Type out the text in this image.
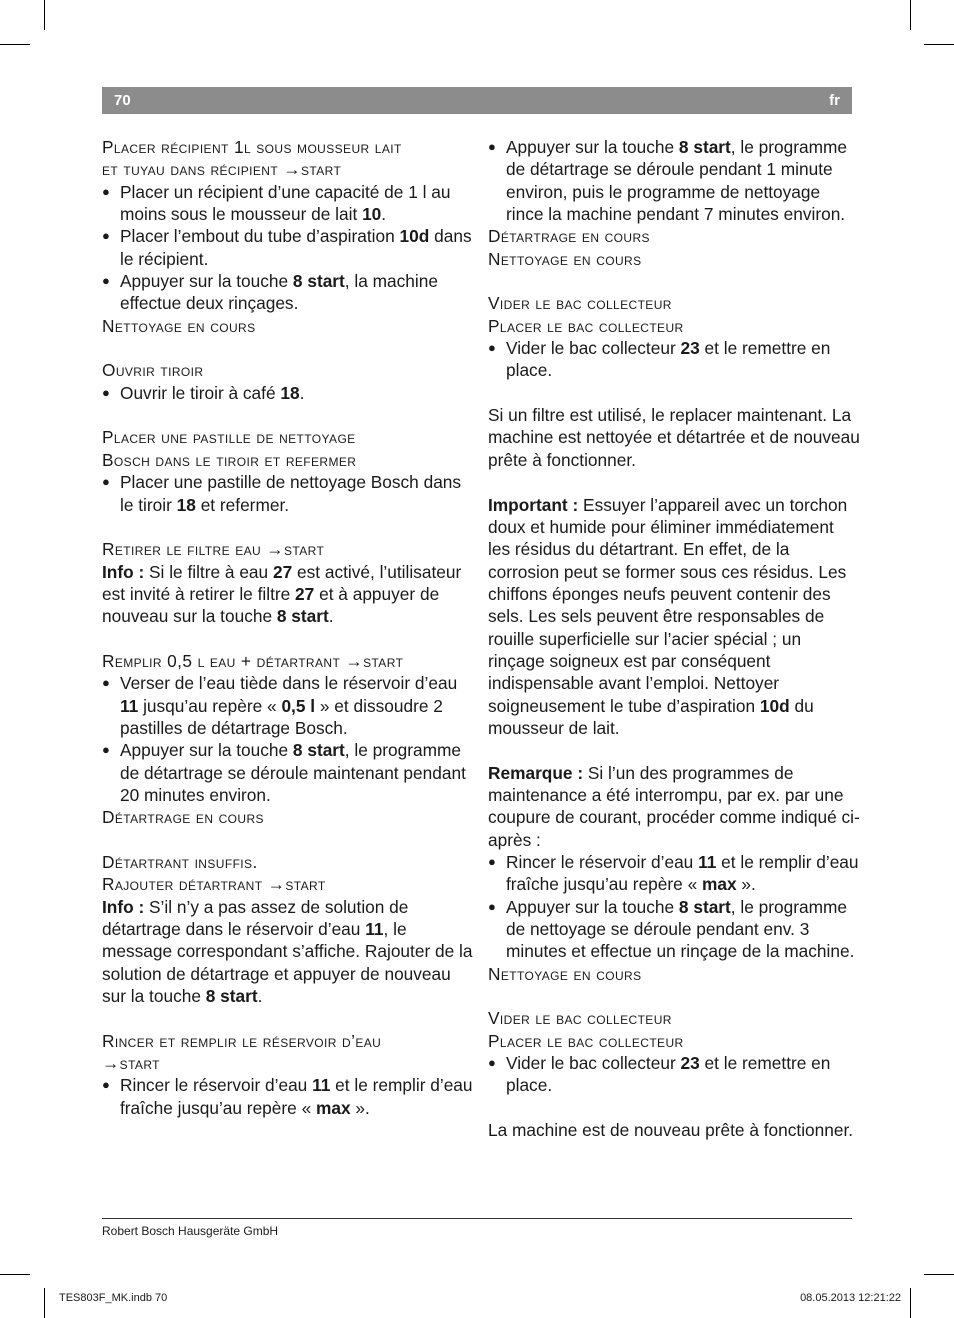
70	fr

Placer récipient 1l sous mousseur lait

et tuyau dans récipient →start

● Placer un récipient d’une capacité de 1 l au moins sous le mousseur de lait 10.

● Placer l’embout du tube d’aspiration 10d dans le récipient.

● Appuyer sur la touche 8 start, la machine effectue deux rinçages.

Nettoyage en cours

Ouvrir tiroir

● Ouvrir le tiroir à café 18.

Placer une pastille de nettoyage

Bosch dans le tiroir et refermer

● Placer une pastille de nettoyage Bosch dans le tiroir 18 et refermer.

Retirer le filtre eau →start

Info : Si le filtre à eau 27 est activé, l’utilisateur est invité à retirer le filtre 27 et à appuyer de nouveau sur la touche 8 start.

Remplir 0,5 l eau + détartrant →start

● Verser de l’eau tiède dans le réservoir d’eau 11 jusqu’au repère « 0,5 l » et dissoudre 2 pastilles de détartrage Bosch.

● Appuyer sur la touche 8 start, le programme de détartrage se déroule maintenant pendant 20 minutes environ.

Détartrage en cours

Détartrant insuffis.

Rajouter détartrant →start

Info : S’il n’y a pas assez de solution de détartrage dans le réservoir d’eau 11, le message correspondant s’affiche. Rajouter de la solution de détartrage et appuyer de nouveau sur la touche 8 start.

Rincer et remplir le réservoir d’eau

→start

● Rincer le réservoir d’eau 11 et le remplir d’eau fraîche jusqu’au repère « max ».

● Appuyer sur la touche 8 start, le programme de détartrage se déroule pendant 1 minute environ, puis le programme de nettoyage rince la machine pendant 7 minutes environ.

Détartrage en cours

Nettoyage en cours

Vider le bac collecteur

Placer le bac collecteur

● Vider le bac collecteur 23 et le remettre en place.

Si un filtre est utilisé, le replacer maintenant. La machine est nettoyée et détartrée et de nouveau prête à fonctionner.

Important : Essuyer l’appareil avec un torchon doux et humide pour éliminer immédiatement les résidus du détartrant. En effet, de la corrosion peut se former sous ces résidus. Les chiffons éponges neufs peuvent contenir des sels. Les sels peuvent être responsables de rouille superficielle sur l’acier spécial ; un rinçage soigneux est par conséquent indispensable avant l’emploi. Nettoyer soigneusement le tube d’aspiration 10d du mousseur de lait.

Remarque : Si l’un des programmes de maintenance a été interrompu, par ex. par une coupure de courant, procéder comme indiqué ci-après :

● Rincer le réservoir d’eau 11 et le remplir d’eau fraîche jusqu’au repère « max ».

● Appuyer sur la touche 8 start, le programme de nettoyage se déroule pendant env. 3 minutes et effectue un rinçage de la machine.

Nettoyage en cours

Vider le bac collecteur

Placer le bac collecteur

● Vider le bac collecteur 23 et le remettre en place.

La machine est de nouveau prête à fonctionner.

Robert Bosch Hausgeräte GmbH
TES803F_MK.indb 70	08.05.2013 12:21:22
